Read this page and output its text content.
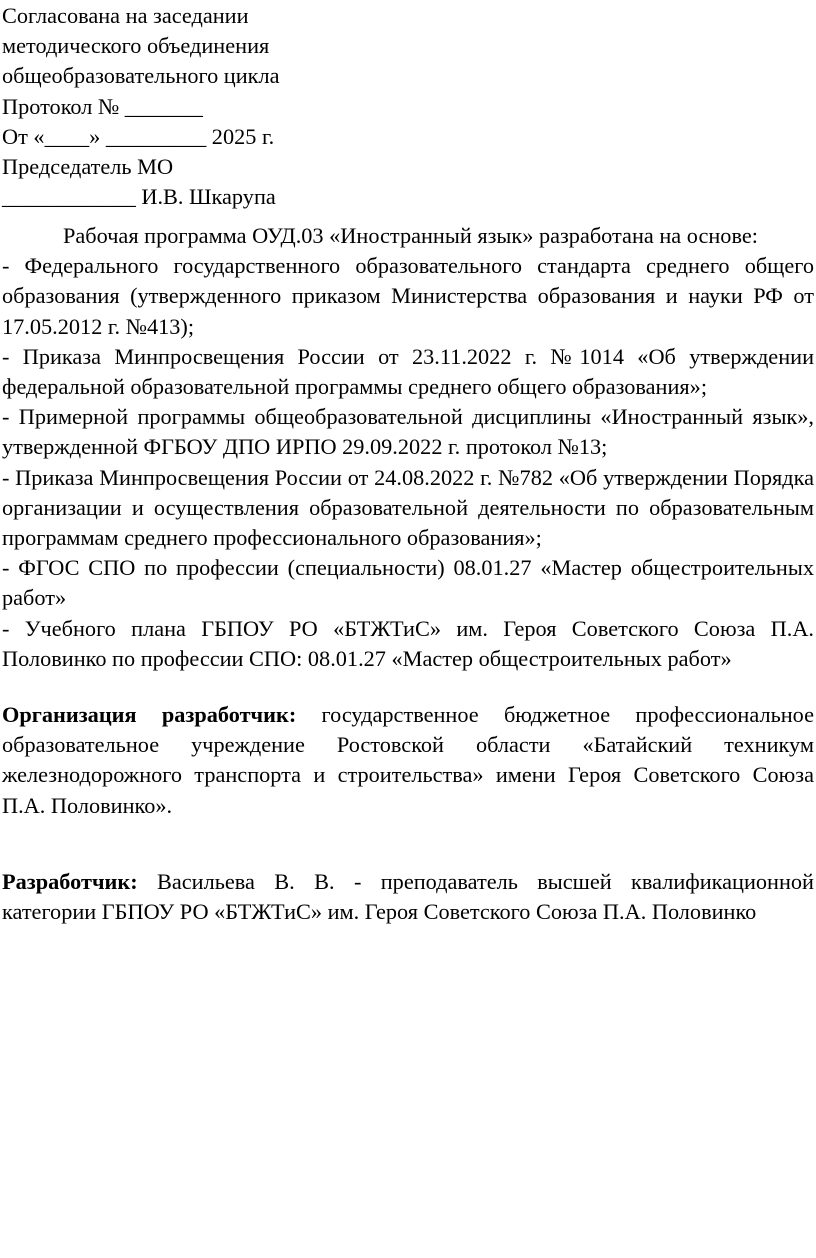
Согласована на заседании
методического объединения
общеобразовательного цикла
Протокол № _______
От «____» _________ 2025 г.
Председатель МО
____________ И.В. Шкарупа

Рабочая программа ОУД.03 «Иностранный язык» разработана на основе:

- Федерального государственного образовательного стандарта среднего общего образования (утвержденного приказом Министерства образования и науки РФ от 17.05.2012 г. №413);

- Приказа Минпросвещения России от 23.11.2022 г. №1014 «Об утверждении федеральной образовательной программы среднего общего образования»;

- Примерной программы общеобразовательной дисциплины «Иностранный язык», утвержденной ФГБОУ ДПО ИРПО 29.09.2022 г. протокол №13;

- Приказа Минпросвещения России от 24.08.2022 г. №782 «Об утверждении Порядка организации и осуществления образовательной деятельности по образовательным программам среднего профессионального образования»;

- ФГОС СПО по профессии (специальности) 08.01.27 «Мастер общестроительных работ»

- Учебного плана ГБПОУ РО «БТЖТиС» им. Героя Советского Союза П.А. Половинко по профессии СПО: 08.01.27 «Мастер общестроительных работ»

Организация разработчик: государственное бюджетное профессиональное образовательное учреждение Ростовской области «Батайский техникум железнодорожного транспорта и строительства» имени Героя Советского Союза П.А. Половинко».

Разработчик: Васильева В. В. - преподаватель высшей квалификационной категории ГБПОУ РО «БТЖТиС» им. Героя Советского Союза П.А. Половинко
